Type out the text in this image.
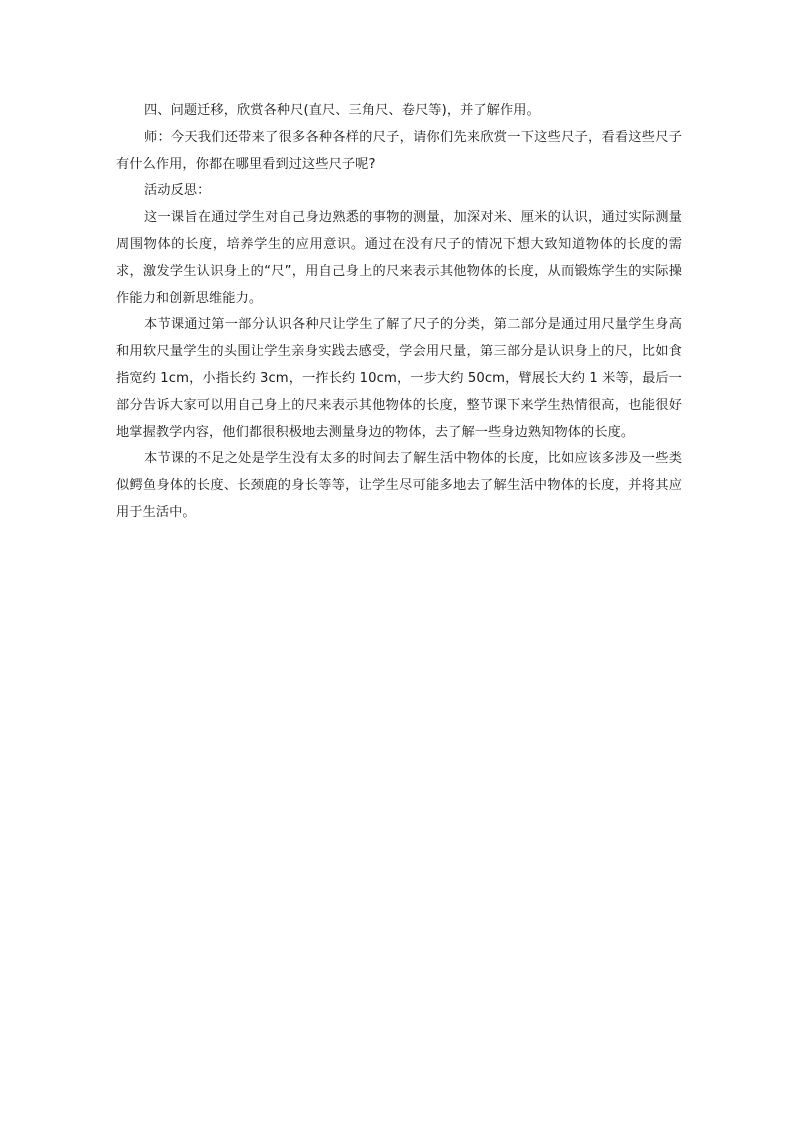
四、问题迁移，欣赏各种尺(直尺、三角尺、卷尺等)，并了解作用。

师：今天我们还带来了很多各种各样的尺子，请你们先来欣赏一下这些尺子，看看这些尺子有什么作用，你都在哪里看到过这些尺子呢?

活动反思：

这一课旨在通过学生对自己身边熟悉的事物的测量，加深对米、厘米的认识，通过实际测量周围物体的长度，培养学生的应用意识。通过在没有尺子的情况下想大致知道物体的长度的需求，激发学生认识身上的“尺”，用自己身上的尺来表示其他物体的长度，从而锻炼学生的实际操作能力和创新思维能力。

本节课通过第一部分认识各种尺让学生了解了尺子的分类，第二部分是通过用尺量学生身高和用软尺量学生的头围让学生亲身实践去感受，学会用尺量，第三部分是认识身上的尺，比如食指宽约 1cm，小指长约 3cm，一拃长约 10cm，一步大约 50cm，臂展长大约 1 米等，最后一部分告诉大家可以用自己身上的尺来表示其他物体的长度，整节课下来学生热情很高，也能很好地掌握教学内容，他们都很积极地去测量身边的物体，去了解一些身边熟知物体的长度。

本节课的不足之处是学生没有太多的时间去了解生活中物体的长度，比如应该多涉及一些类似鳄鱼身体的长度、长颈鹿的身长等等，让学生尽可能多地去了解生活中物体的长度，并将其应用于生活中。
